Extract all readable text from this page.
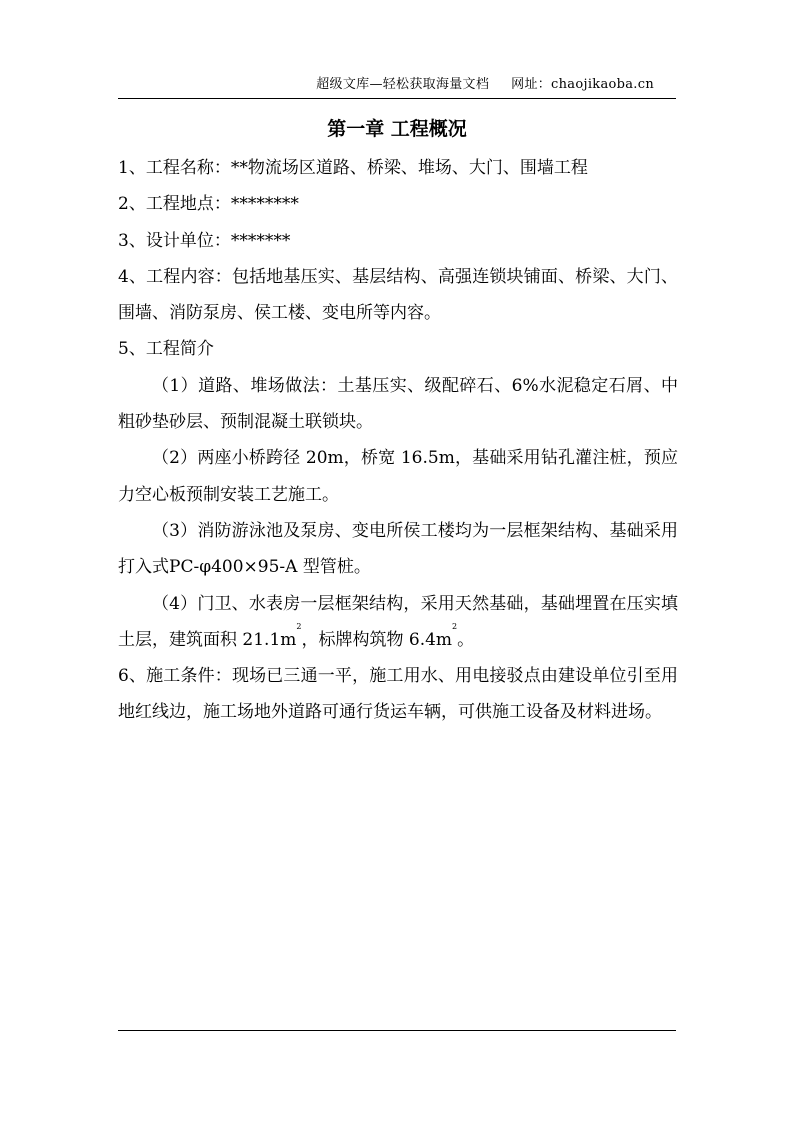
超级文库—轻松获取海量文档 网址：chaojikaoba.cn
第一章 工程概况

1、工程名称：**物流场区道路、桥梁、堆场、大门、围墙工程

2、工程地点：********

3、设计单位：*******

4、工程内容：包括地基压实、基层结构、高强连锁块铺面、桥梁、大门、围墙、消防泵房、侯工楼、变电所等内容。

5、工程简介

（1）道路、堆场做法：土基压实、级配碎石、6%水泥稳定石屑、中粗砂垫砂层、预制混凝土联锁块。

（2）两座小桥跨径 20m，桥宽 16.5m，基础采用钻孔灌注桩，预应力空心板预制安装工艺施工。

（3）消防游泳池及泵房、变电所侯工楼均为一层框架结构、基础采用打入式PC-φ400×95-A 型管桩。

（4）门卫、水表房一层框架结构，采用天然基础，基础埋置在压实填土层，建筑面积 $21.1m^2$，标牌构筑物 $6.4m^2$。

6、施工条件：现场已三通一平，施工用水、用电接驳点由建设单位引至用地红线边，施工场地外道路可通行货运车辆，可供施工设备及材料进场。
